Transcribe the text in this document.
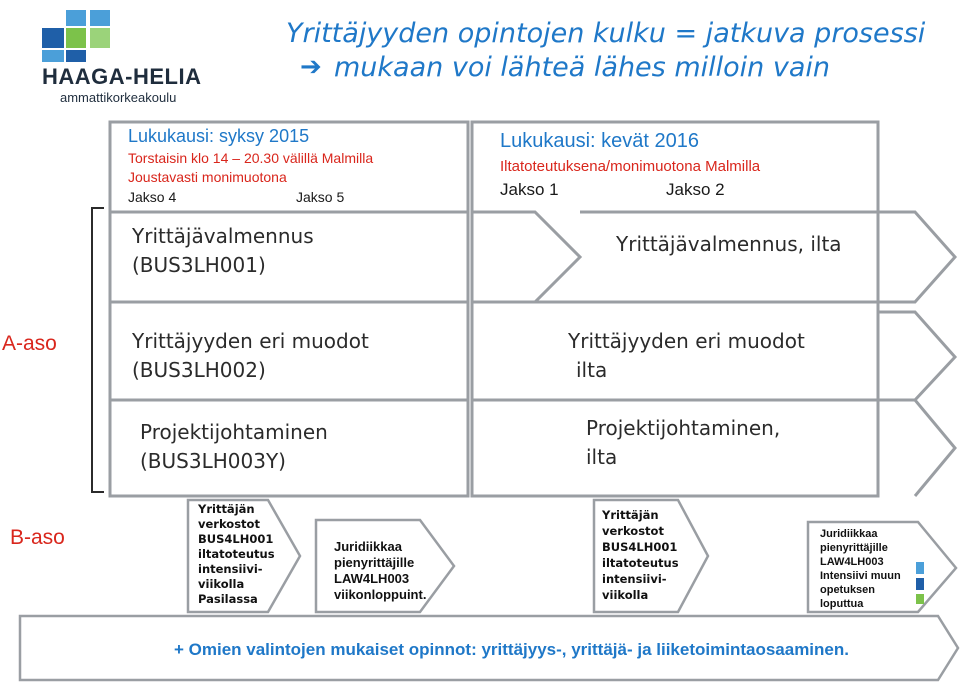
HAAGA-HELIA
ammattikorkeakoulu
Yrittäjyyden opintojen kulku = jatkuva prosessi
➔ mukaan voi lähteä lähes milloin vain
Lukukausi: syksy 2015
Torstaisin klo 14 – 20.30 välillä Malmilla
Joustavasti monimuotona
Jakso 4	Jakso 5
Lukukausi: kevät 2016
Iltatoteutuksena/monimuotona Malmilla
Jakso 1	Jakso 2
A-aso
B-aso
Yrittäjävalmennus
(BUS3LH001)
Yrittäjyyden eri muodot
(BUS3LH002)
Projektijohtaminen
(BUS3LH003Y)
Yrittäjävalmennus, ilta
Yrittäjyyden eri muodot
ilta
Projektijohtaminen,
ilta
Yrittäjän
verkostot
BUS4LH001
iltatoteutus
intensiivi-
viikolla
Pasilassa
Juridiikkaa
pienyrittäjille
LAW4LH003
viikonloppuint.
Yrittäjän
verkostot
BUS4LH001
iltatoteutus
intensiivi-
viikolla
Juridiikkaa
pienyrittäjille
LAW4LH003
Intensiivi muun
opetuksen
loputtua
+ Omien valintojen mukaiset opinnot: yrittäjyys-, yrittäjä- ja liiketoimintaosaaminen.
